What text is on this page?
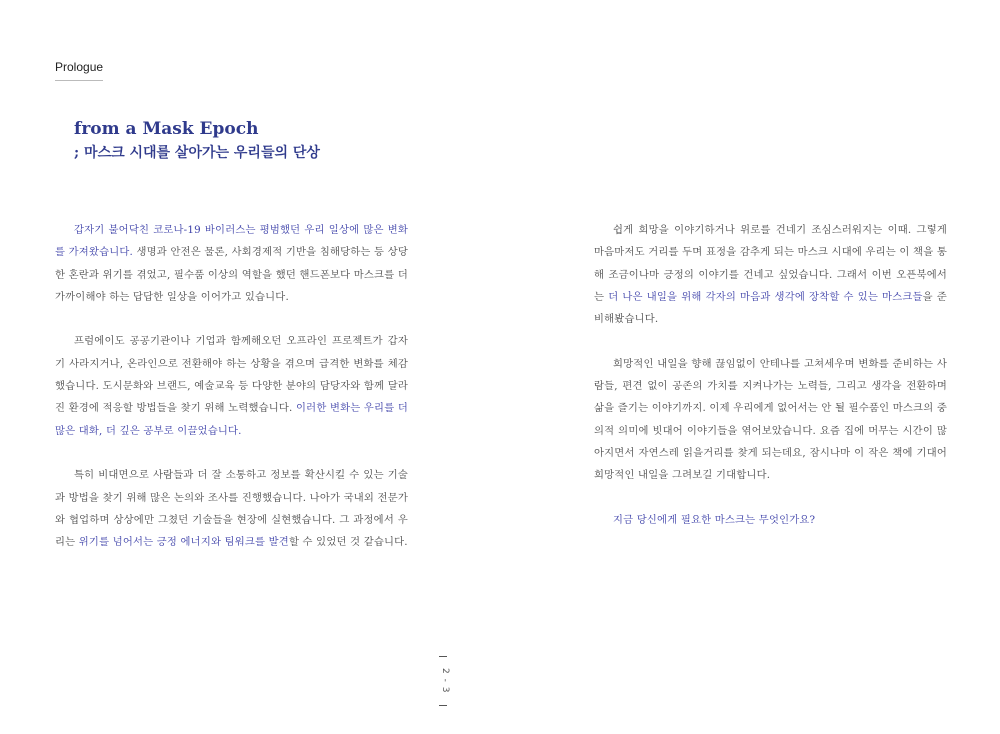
Prologue
from a Mask Epoch
; 마스크 시대를 살아가는 우리들의 단상

갑자기 불어닥친 코로나-19 바이러스는 평범했던 우리 일상에 많은 변화를 가져왔습니다. 생명과 안전은 물론, 사회경제적 기반을 침해당하는 등 상당한 혼란과 위기를 겪었고, 필수품 이상의 역할을 했던 핸드폰보다 마스크를 더 가까이해야 하는 답답한 일상을 이어가고 있습니다.

프럼에이도 공공기관이나 기업과 함께해오던 오프라인 프로젝트가 갑자기 사라지거나, 온라인으로 전환해야 하는 상황을 겪으며 급격한 변화를 체감했습니다. 도시문화와 브랜드, 예술교육 등 다양한 분야의 담당자와 함께 달라진 환경에 적응할 방법들을 찾기 위해 노력했습니다. 이러한 변화는 우리를 더 많은 대화, 더 깊은 공부로 이끌었습니다.

특히 비대면으로 사람들과 더 잘 소통하고 정보를 확산시킬 수 있는 기술과 방법을 찾기 위해 많은 논의와 조사를 진행했습니다. 나아가 국내외 전문가와 협업하며 상상에만 그쳤던 기술들을 현장에 실현했습니다. 그 과정에서 우리는 위기를 넘어서는 긍정 에너지와 팀워크를 발견할 수 있었던 것 같습니다.

쉽게 희망을 이야기하거나 위로를 건네기 조심스러워지는 이때. 그렇게 마음마저도 거리를 두며 표정을 감추게 되는 마스크 시대에 우리는 이 책을 통해 조금이나마 긍정의 이야기를 건네고 싶었습니다. 그래서 이번 오픈북에서는 더 나은 내일을 위해 각자의 마음과 생각에 장착할 수 있는 마스크들을 준비해봤습니다.

희망적인 내일을 향해 끊임없이 안테나를 고쳐세우며 변화를 준비하는 사람들, 편견 없이 공존의 가치를 지켜나가는 노력들, 그리고 생각을 전환하며 삶을 즐기는 이야기까지. 이제 우리에게 없어서는 안 될 필수품인 마스크의 중의적 의미에 빗대어 이야기들을 엮어보았습니다. 요즘 집에 머무는 시간이 많아지면서 자연스레 읽을거리를 찾게 되는데요, 잠시나마 이 작은 책에 기대어 희망적인 내일을 그려보길 기대합니다.

지금 당신에게 필요한 마스크는 무엇인가요?

2 - 3
